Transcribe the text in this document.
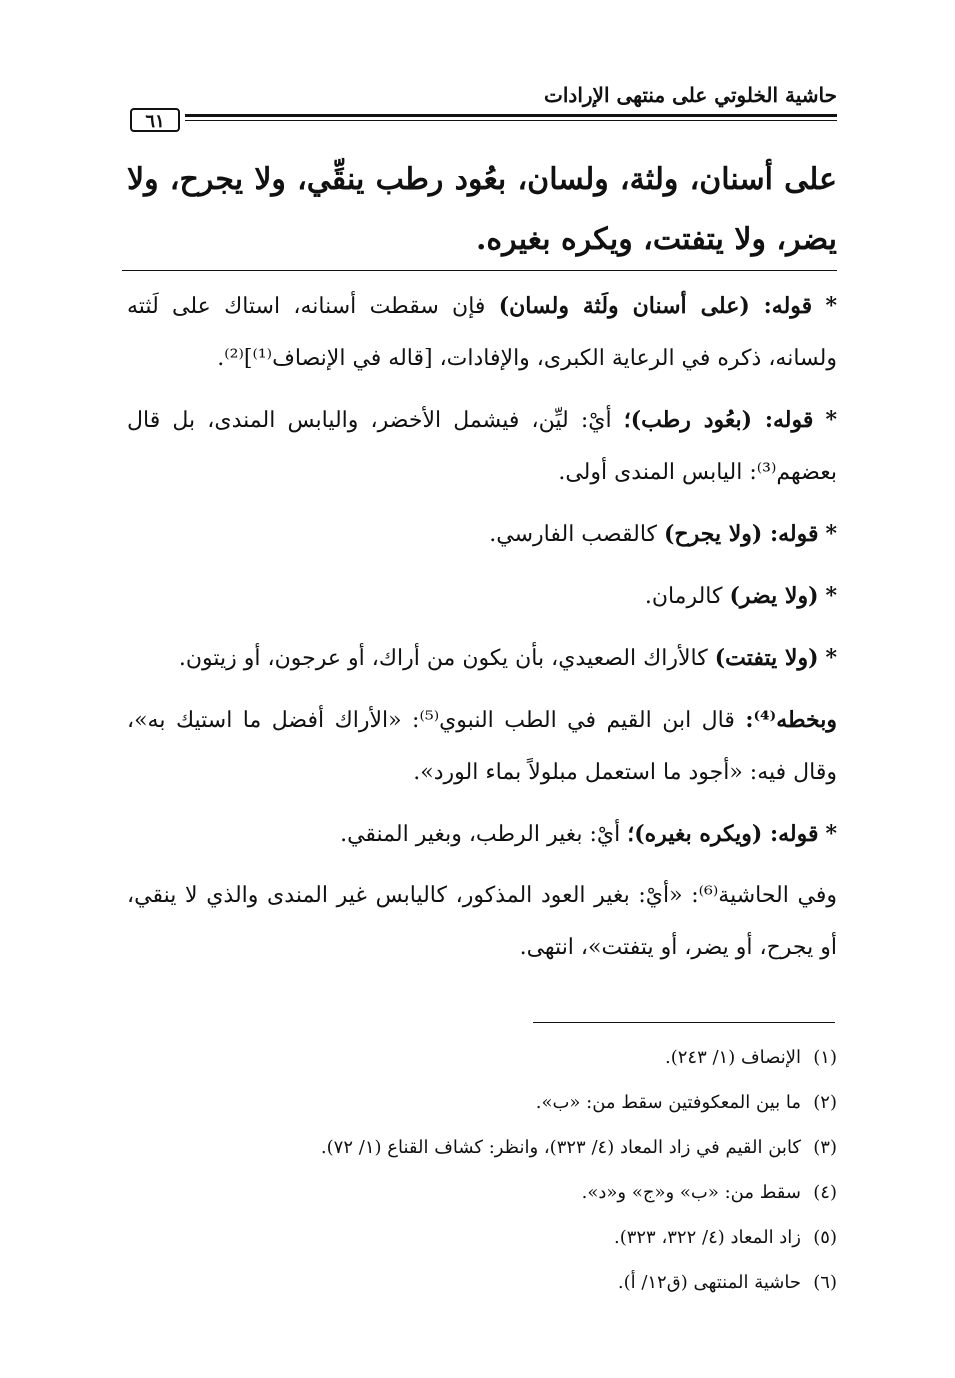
حاشية الخلوتي على منتهى الإرادات
٦١
على أسنان، ولثة، ولسان، بعُود رطب ينقِّي، ولا يجرح، ولا يضر، ولا يتفتت، ويكره بغيره.

* قوله: (على أسنان ولَثة ولسان) فإن سقطت أسنانه، استاك على لَثته ولسانه، ذكره في الرعاية الكبرى، والإفادات، [قاله في الإنصاف⁽¹⁾]⁽²⁾.

* قوله: (بعُود رطب)؛ أيْ: ليِّن، فيشمل الأخضر، واليابس المندى، بل قال بعضهم⁽³⁾: اليابس المندى أولى.

* قوله: (ولا يجرح) كالقصب الفارسي.

* (ولا يضر) كالرمان.

* (ولا يتفتت) كالأراك الصعيدي، بأن يكون من أراك، أو عرجون، أو زيتون.

وبخطه⁽⁴⁾: قال ابن القيم في الطب النبوي⁽⁵⁾: «الأراك أفضل ما استيك به»، وقال فيه: «أجود ما استعمل مبلولاً بماء الورد».

* قوله: (ويكره بغيره)؛ أيْ: بغير الرطب، وبغير المنقي.

وفي الحاشية⁽⁶⁾: «أيْ: بغير العود المذكور، كاليابس غير المندى والذي لا ينقي، أو يجرح، أو يضر، أو يتفتت»، انتهى.

(١)الإنصاف (١/ ٢٤٣).
(٢)ما بين المعكوفتين سقط من: «ب».
(٣)كابن القيم في زاد المعاد (٤/ ٣٢٣)، وانظر: كشاف القناع (١/ ٧٢).
(٤)سقط من: «ب» و«ج» و«د».
(٥)زاد المعاد (٤/ ٣٢٢، ٣٢٣).
(٦)حاشية المنتهى (ق١٢/ أ).
